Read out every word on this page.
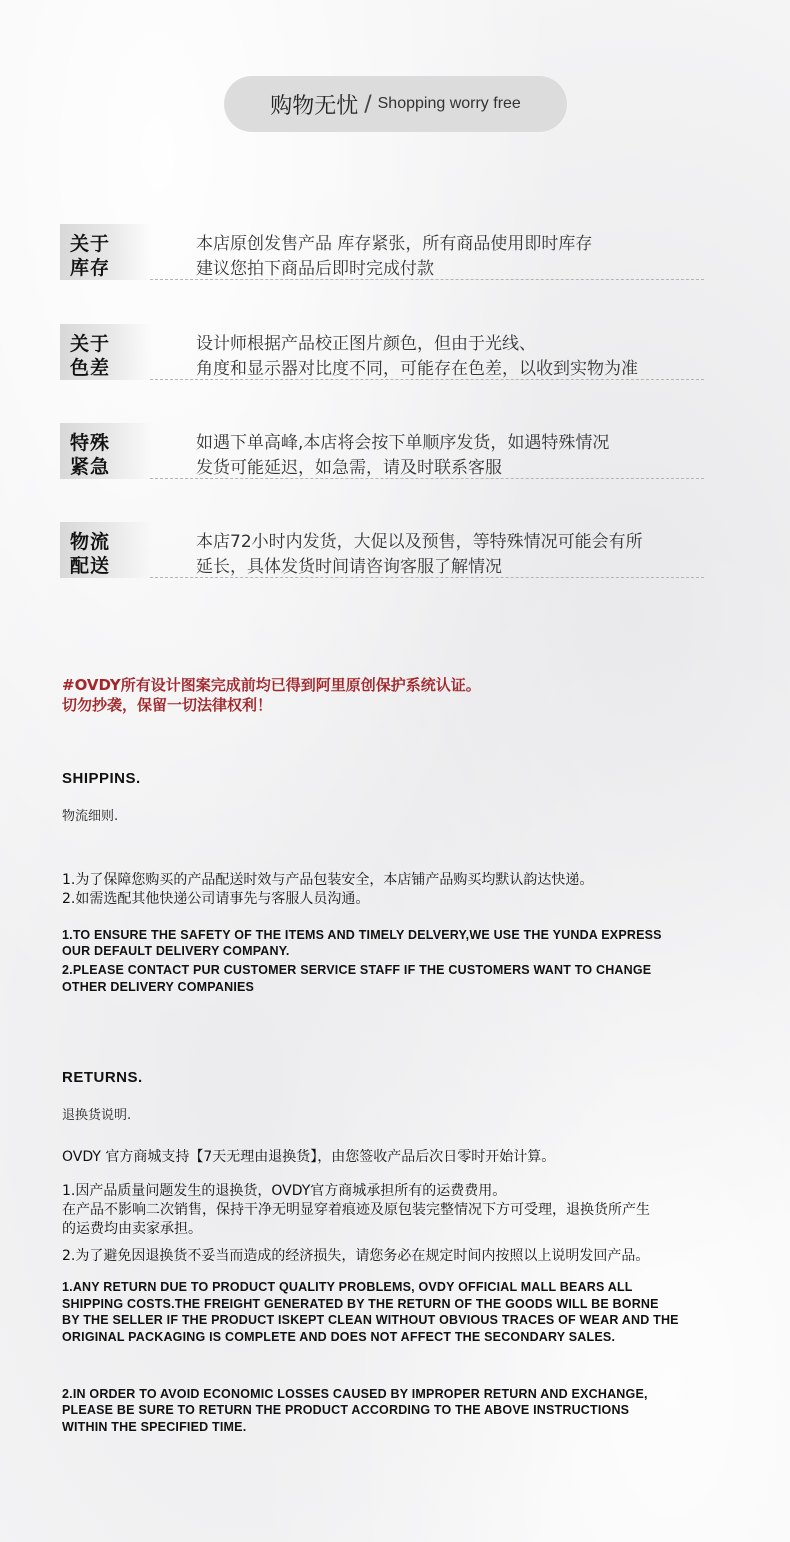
购物无忧 / Shopping worry free
关于
库存
本店原创发售产品 库存紧张，所有商品使用即时库存
建议您拍下商品后即时完成付款
关于
色差
设计师根据产品校正图片颜色，但由于光线、
角度和显示器对比度不同，可能存在色差，以收到实物为准
特殊
紧急
如遇下单高峰,本店将会按下单顺序发货，如遇特殊情况
发货可能延迟，如急需，请及时联系客服
物流
配送
本店72小时内发货，大促以及预售，等特殊情况可能会有所
延长，具体发货时间请咨询客服了解情况
#OVDY所有设计图案完成前均已得到阿里原创保护系统认证。
切勿抄袭，保留一切法律权利！
SHIPPINS.
物流细则.
1.为了保障您购买的产品配送时效与产品包装安全，本店铺产品购买均默认韵达快递。
2.如需选配其他快递公司请事先与客服人员沟通。
1.TO ENSURE THE SAFETY OF THE ITEMS AND TIMELY DELVERY,WE USE THE YUNDA EXPRESS
OUR DEFAULT DELIVERY COMPANY.
2.PLEASE CONTACT PUR CUSTOMER SERVICE STAFF IF THE CUSTOMERS WANT TO CHANGE
OTHER DELIVERY COMPANIES
RETURNS.
退换货说明.
OVDY 官方商城支持【7天无理由退换货】，由您签收产品后次日零时开始计算。
1.因产品质量问题发生的退换货，OVDY官方商城承担所有的运费费用。
在产品不影响二次销售，保持干净无明显穿着痕迹及原包装完整情况下方可受理，退换货所产生
的运费均由卖家承担。
2.为了避免因退换货不妥当而造成的经济损失，请您务必在规定时间内按照以上说明发回产品。
1.ANY RETURN DUE TO PRODUCT QUALITY PROBLEMS, OVDY OFFICIAL MALL BEARS ALL
SHIPPING COSTS.THE FREIGHT GENERATED BY THE RETURN OF THE GOODS WILL BE BORNE
BY THE SELLER IF THE PRODUCT ISKEPT CLEAN WITHOUT OBVIOUS TRACES OF WEAR AND THE
ORIGINAL PACKAGING IS COMPLETE AND DOES NOT AFFECT THE SECONDARY SALES.
2.IN ORDER TO AVOID ECONOMIC LOSSES CAUSED BY IMPROPER RETURN AND EXCHANGE,
PLEASE BE SURE TO RETURN THE PRODUCT ACCORDING TO THE ABOVE INSTRUCTIONS
WITHIN THE SPECIFIED TIME.
